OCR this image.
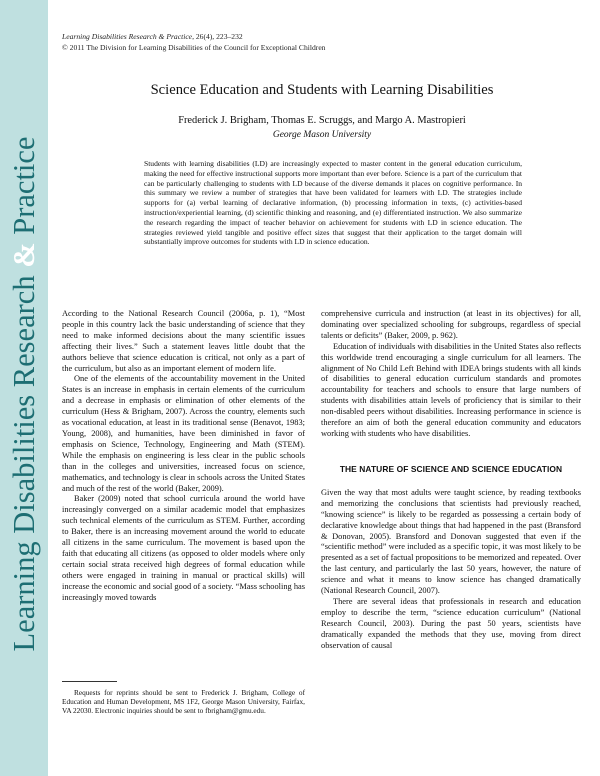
Learning Disabilities Research & Practice
Learning Disabilities Research & Practice, 26(4), 223–232
© 2011 The Division for Learning Disabilities of the Council for Exceptional Children
Science Education and Students with Learning Disabilities
Frederick J. Brigham, Thomas E. Scruggs, and Margo A. Mastropieri
George Mason University

Students with learning disabilities (LD) are increasingly expected to master content in the general education curriculum, making the need for effective instructional supports more important than ever before. Science is a part of the curriculum that can be particularly challenging to students with LD because of the diverse demands it places on cognitive performance. In this summary we review a number of strategies that have been validated for learners with LD. The strategies include supports for (a) verbal learning of declarative information, (b) processing information in texts, (c) activities-based instruction/experiential learning, (d) scientific thinking and reasoning, and (e) differentiated instruction. We also summarize the research regarding the impact of teacher behavior on achievement for students with LD in science education. The strategies reviewed yield tangible and positive effect sizes that suggest that their application to the target domain will substantially improve outcomes for students with LD in science education.

According to the National Research Council (2006a, p. 1), “Most people in this country lack the basic understanding of science that they need to make informed decisions about the many scientific issues affecting their lives.” Such a statement leaves little doubt that the authors believe that science education is critical, not only as a part of the curriculum, but also as an important element of modern life.

One of the elements of the accountability movement in the United States is an increase in emphasis in certain elements of the curriculum and a decrease in emphasis or elimination of other elements of the curriculum (Hess & Brigham, 2007). Across the country, elements such as vocational education, at least in its traditional sense (Benavot, 1983; Young, 2008), and humanities, have been diminished in favor of emphasis on Science, Technology, Engineering and Math (STEM). While the emphasis on engineering is less clear in the public schools than in the colleges and universities, increased focus on science, mathematics, and technology is clear in schools across the United States and much of the rest of the world (Baker, 2009).

Baker (2009) noted that school curricula around the world have increasingly converged on a similar academic model that emphasizes such technical elements of the curriculum as STEM. Further, according to Baker, there is an increasing movement around the world to educate all citizens in the same curriculum. The movement is based upon the faith that educating all citizens (as opposed to older models where only certain social strata received high degrees of formal education while others were engaged in training in manual or practical skills) will increase the economic and social good of a society. “Mass schooling has increasingly moved towards

comprehensive curricula and instruction (at least in its objectives) for all, dominating over specialized schooling for subgroups, regardless of special talents or deficits” (Baker, 2009, p. 962).

Education of individuals with disabilities in the United States also reflects this worldwide trend encouraging a single curriculum for all learners. The alignment of No Child Left Behind with IDEA brings students with all kinds of disabilities to general education curriculum standards and promotes accountability for teachers and schools to ensure that large numbers of students with disabilities attain levels of proficiency that is similar to their non-disabled peers without disabilities. Increasing performance in science is therefore an aim of both the general education community and educators working with students who have disabilities.

THE NATURE OF SCIENCE AND SCIENCE EDUCATION

Given the way that most adults were taught science, by reading textbooks and memorizing the conclusions that scientists had previously reached, “knowing science” is likely to be regarded as possessing a certain body of declarative knowledge about things that had happened in the past (Bransford & Donovan, 2005). Bransford and Donovan suggested that even if the “scientific method” were included as a specific topic, it was most likely to be presented as a set of factual propositions to be memorized and repeated. Over the last century, and particularly the last 50 years, however, the nature of science and what it means to know science has changed dramatically (National Research Council, 2007).

There are several ideas that professionals in research and education employ to describe the term, “science education curriculum” (National Research Council, 2003). During the past 50 years, scientists have dramatically expanded the methods that they use, moving from direct observation of causal

Requests for reprints should be sent to Frederick J. Brigham, College of Education and Human Development, MS 1F2, George Mason University, Fairfax, VA 22030. Electronic inquiries should be sent to fbrigham@gmu.edu.
